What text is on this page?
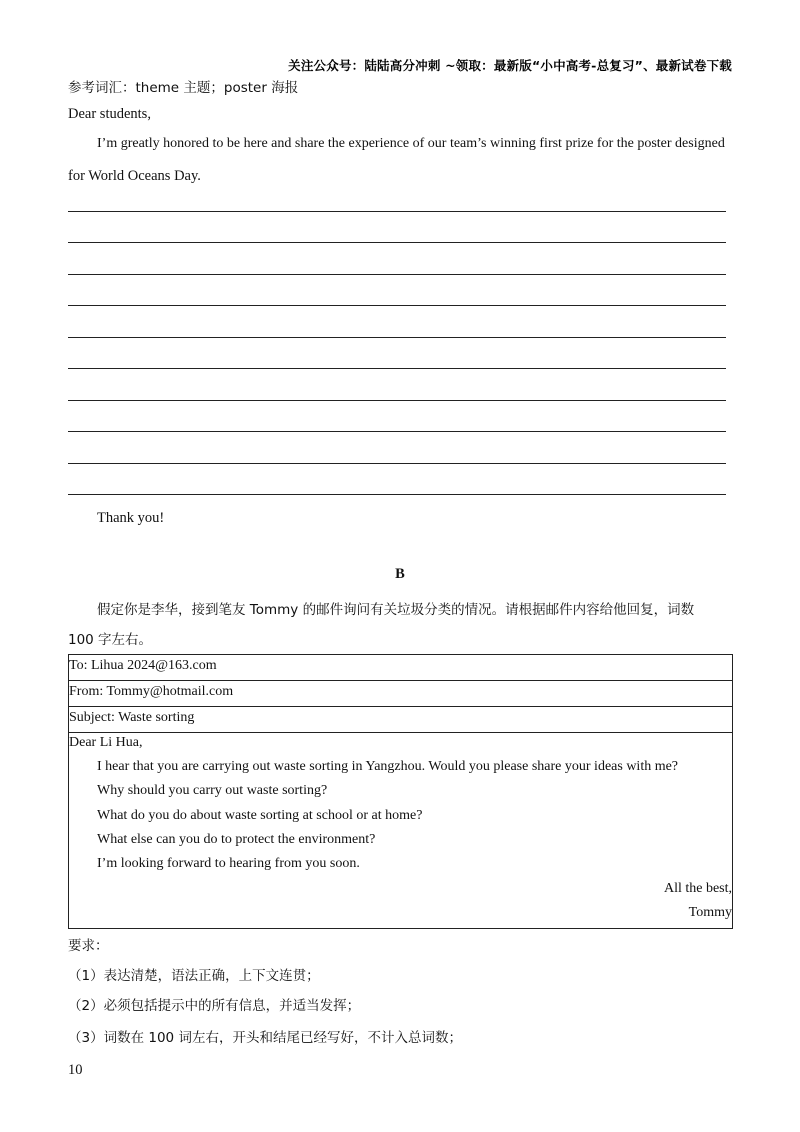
关注公众号：陆陆高分冲刺 ~领取：最新版“小中高考-总复习”、最新试卷下载
参考词汇：theme 主题；poster 海报
Dear students,
I’m greatly honored to be here and share the experience of our team’s winning first prize for the poster designed
for World Oceans Day.
Thank you!
B
假定你是李华，接到笔友 Tommy 的邮件询问有关垃圾分类的情况。请根据邮件内容给他回复，词数
100 字左右。
To: Lihua 2024@163.com
From: Tommy@hotmail.com
Subject: Waste sorting

Dear Li Hua,
I hear that you are carrying out waste sorting in Yangzhou. Would you please share your ideas with me?
Why should you carry out waste sorting?
What do you do about waste sorting at school or at home?
What else can you do to protect the environment?
I’m looking forward to hearing from you soon.
All the best,
Tommy
要求：
（1）表达清楚，语法正确，上下文连贯；
（2）必须包括提示中的所有信息，并适当发挥；
（3）词数在 100 词左右，开头和结尾已经写好，不计入总词数；
10
